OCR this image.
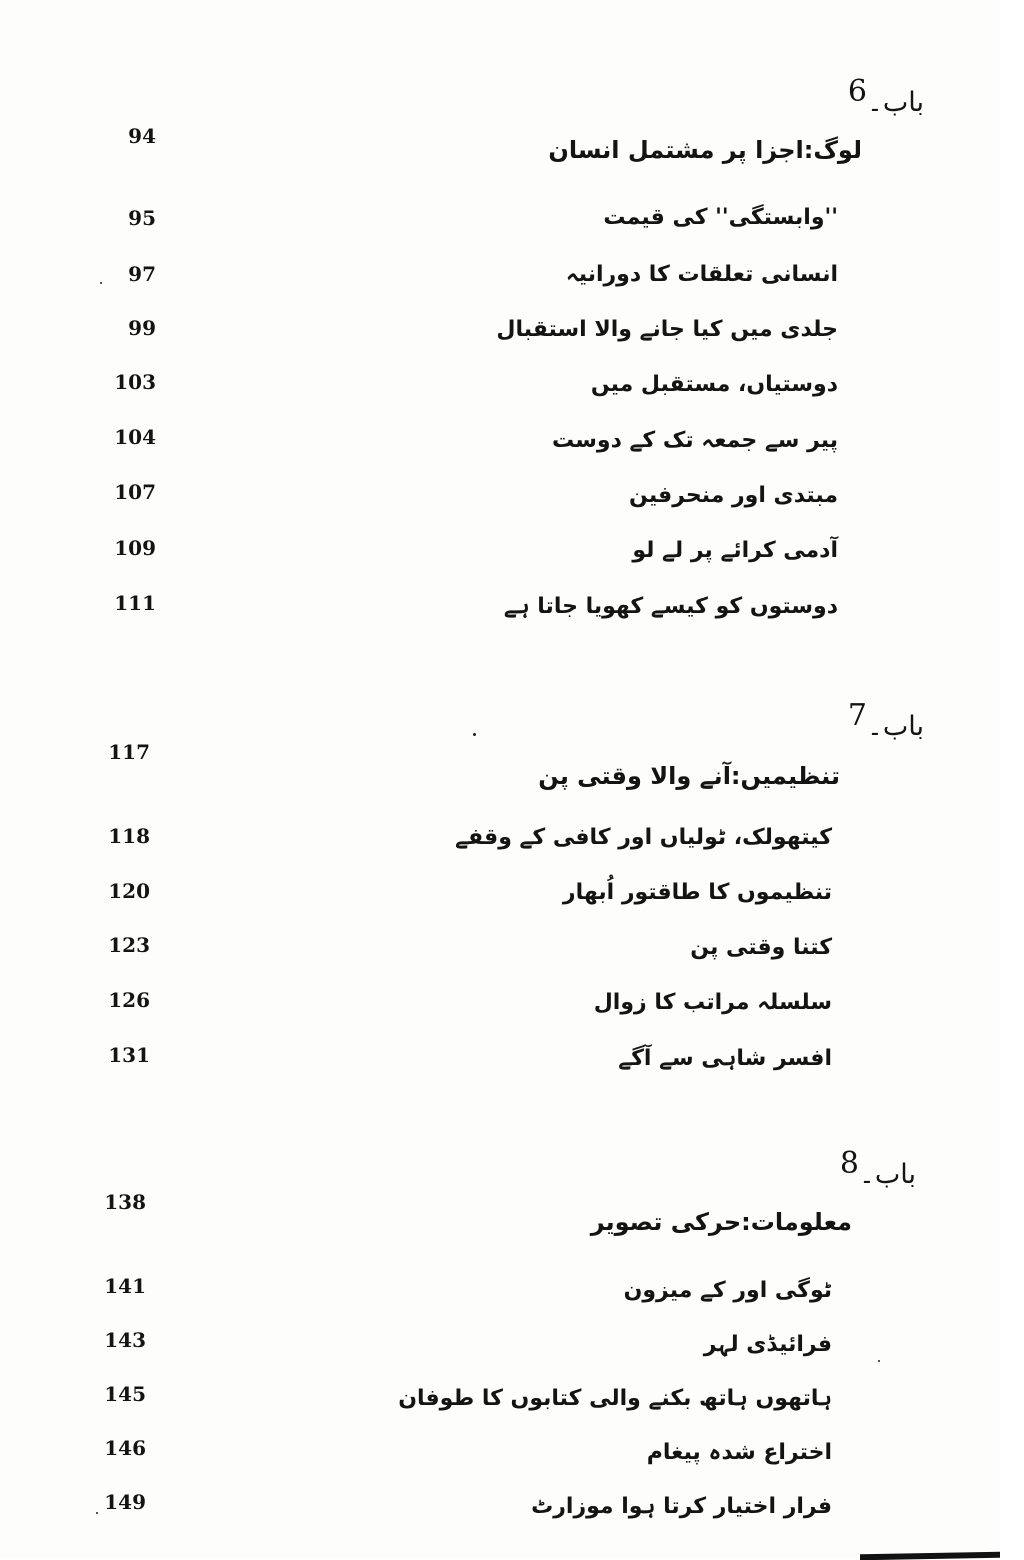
باب۔6
لوگ:اجزا پر مشتمل انسان
94
''وابستگی'' کی قیمت
95
انسانی تعلقات کا دورانیہ
97
جلدی میں کیا جانے والا استقبال
99
دوستیاں، مستقبل میں
103
پیر سے جمعہ تک کے دوست
104
مبتدی اور منحرفین
107
آدمی کرائے پر لے لو
109
دوستوں کو کیسے کھویا جاتا ہے
111
باب۔7
تنظیمیں:آنے والا وقتی پن
117
کیتھولک، ٹولیاں اور کافی کے وقفے
118
تنظیموں کا طاقتور اُبھار
120
کتنا وقتی پن
123
سلسلہ مراتب کا زوال
126
افسر شاہی سے آگے
131
باب۔8
معلومات:حرکی تصویر
138
ٹوگی اور کے میزون
141
فرائیڈی لہر
143
ہاتھوں ہاتھ بکنے والی کتابوں کا طوفان
145
اختراع شدہ پیغام
146
فرار اختیار کرتا ہوا موزارٹ
149
